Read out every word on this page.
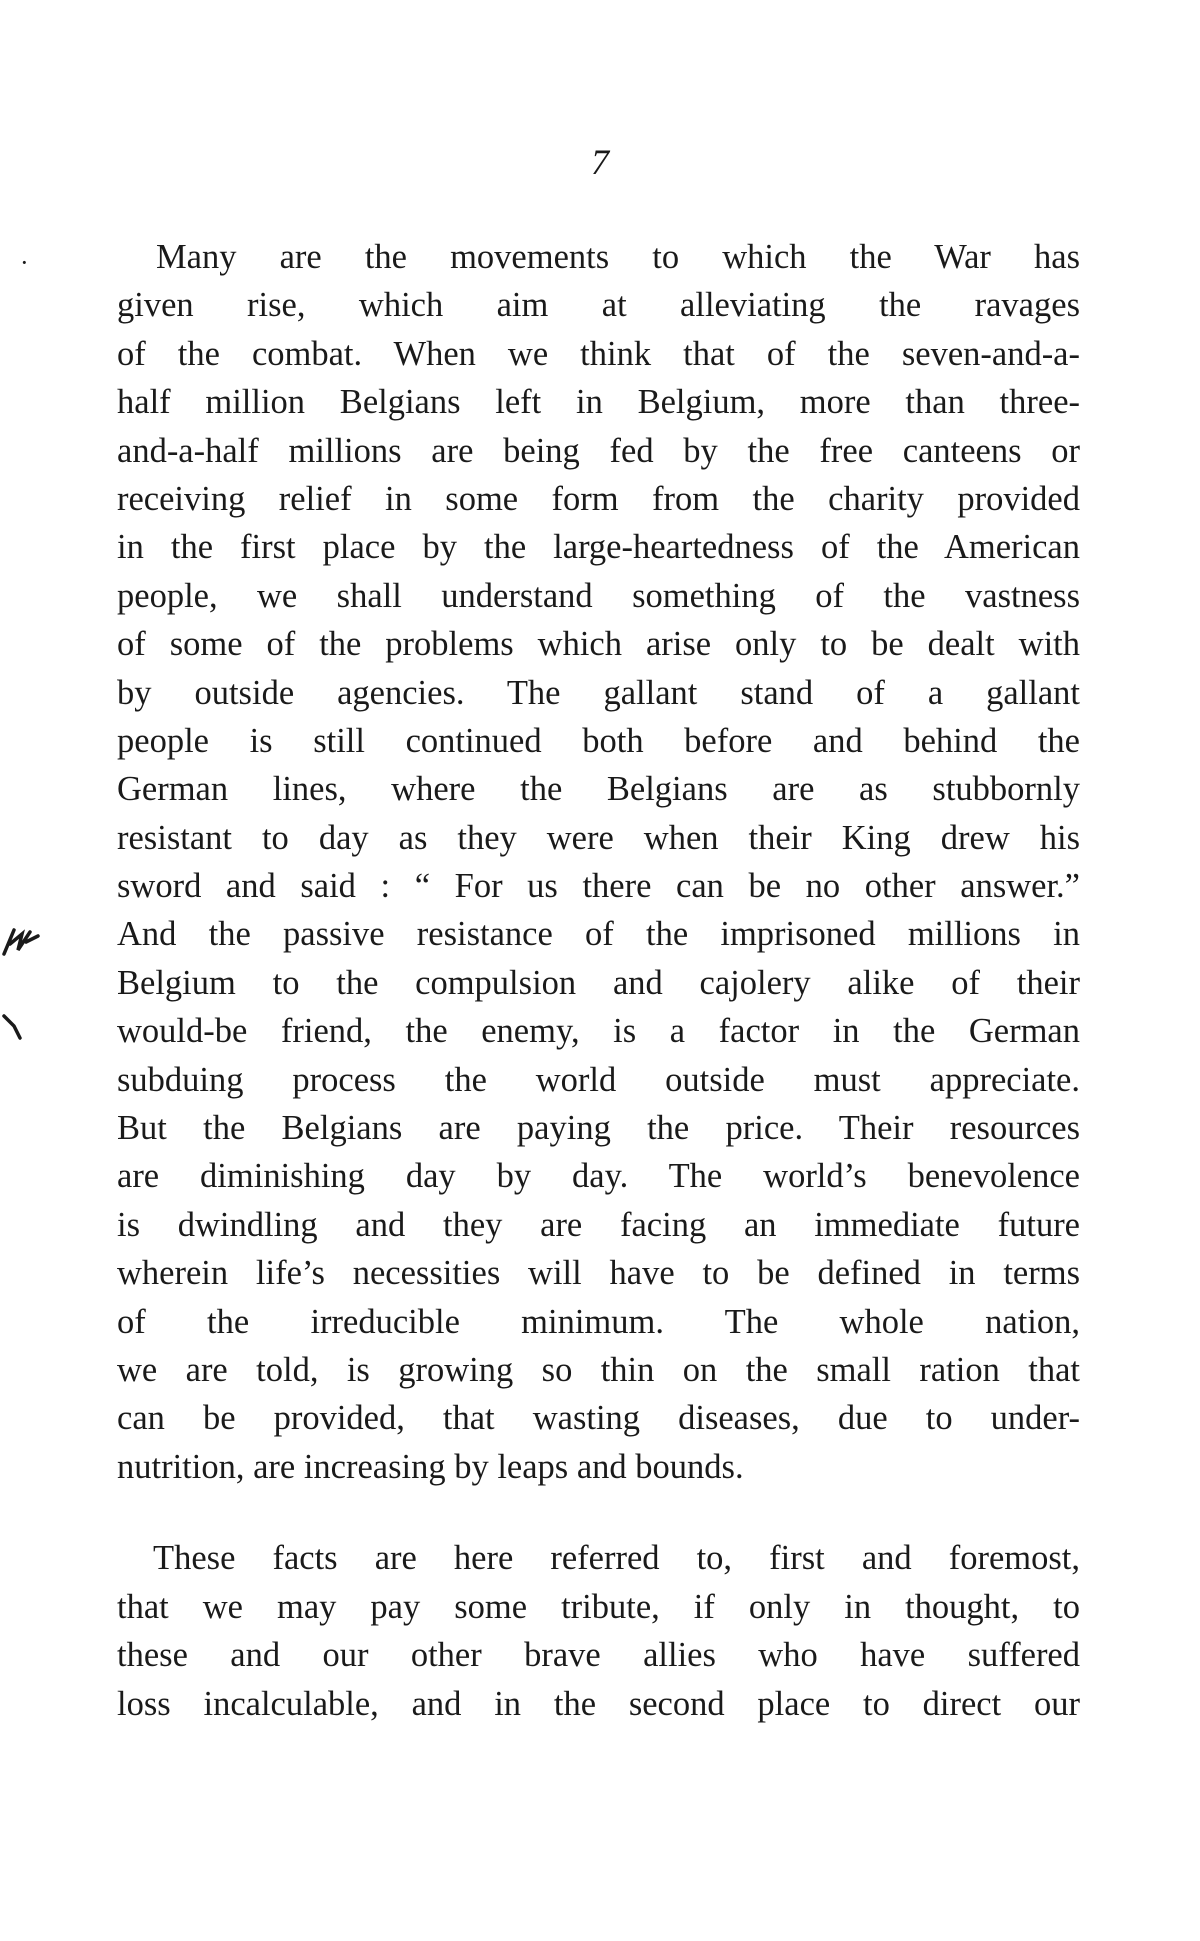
7
·	Many are the movements to which the War has
given rise, which aim at alleviating the ravages
of the combat. When we think that of the seven-and-a-
half million Belgians left in Belgium, more than three-
and-a-half millions are being fed by the free canteens or
receiving relief in some form from the charity provided
in the first place by the large-heartedness of the American
people, we shall understand something of the vastness
of some of the problems which arise only to be dealt with
by outside agencies. The gallant stand of a gallant
people is still continued both before and behind the
German lines, where the Belgians are as stubbornly
resistant to day as they were when their King drew his
sword and said : “ For us there can be no other answer.”
And the passive resistance of the imprisoned millions in
Belgium to the compulsion and cajolery alike of their
would-be friend, the enemy, is a factor in the German
subduing process the world outside must appreciate.
But the Belgians are paying the price. Their resources
are diminishing day by day. The world’s benevolence
is dwindling and they are facing an immediate future
wherein life’s necessities will have to be defined in terms
of the irreducible minimum. The whole nation,
we are told, is growing so thin on the small ration that
can be provided, that wasting diseases, due to under-
nutrition, are increasing by leaps and bounds.
These facts are here referred to, first and foremost,
that we may pay some tribute, if only in thought, to
these and our other brave allies who have suffered
loss incalculable, and in the second place to direct our
